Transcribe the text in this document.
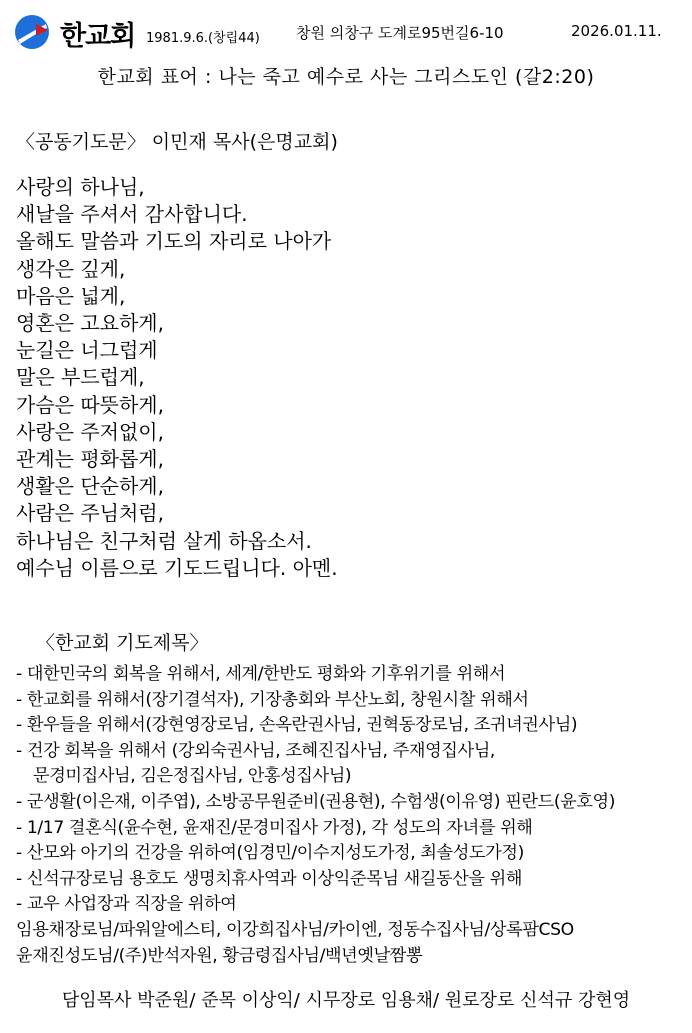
한교회 1981.9.6.(창립44) 창원 의창구 도계로95번길6-10	2026.01.11.
한교회 표어 : 나는 죽고 예수로 사는 그리스도인 (갈2:20)
〈공동기도문〉 이민재 목사(은명교회)
사랑의 하나님,
새날을 주셔서 감사합니다.
올해도 말씀과 기도의 자리로 나아가
생각은 깊게,
마음은 넓게,
영혼은 고요하게,
눈길은 너그럽게
말은 부드럽게,
가슴은 따뜻하게,
사랑은 주저없이,
관계는 평화롭게,
생활은 단순하게,
사람은 주님처럼,
하나님은 친구처럼 살게 하옵소서.
예수님 이름으로 기도드립니다. 아멘.
〈한교회 기도제목〉
- 대한민국의 회복을 위해서, 세계/한반도 평화와 기후위기를 위해서
- 한교회를 위해서(장기결석자), 기장총회와 부산노회, 창원시찰 위해서
- 환우들을 위해서(강현영장로님, 손옥란권사님, 권혁동장로님, 조귀녀권사님)
- 건강 회복을 위해서 (강외숙권사님, 조혜진집사님, 주재영집사님,
문경미집사님, 김은정집사님, 안홍성집사님)
- 군생활(이은재, 이주엽), 소방공무원준비(권용현), 수험생(이유영) 핀란드(윤호영)
- 1/17 결혼식(윤수현, 윤재진/문경미집사 가정), 각 성도의 자녀를 위해
- 산모와 아기의 건강을 위하여(임경민/이수지성도가정, 최솔성도가정)
- 신석규장로님 용호도 생명치휴사역과 이상익준목님 새길동산을 위해
- 교우 사업장과 직장을 위하여
임용채장로님/파워알에스티, 이강희집사님/카이엔, 정동수집사님/상록팜CSO
윤재진성도님/(주)반석자원, 황금령집사님/백년옛날짬뽕
담임목사 박준원/ 준목 이상익/ 시무장로 임용채/ 원로장로 신석규 강현영
